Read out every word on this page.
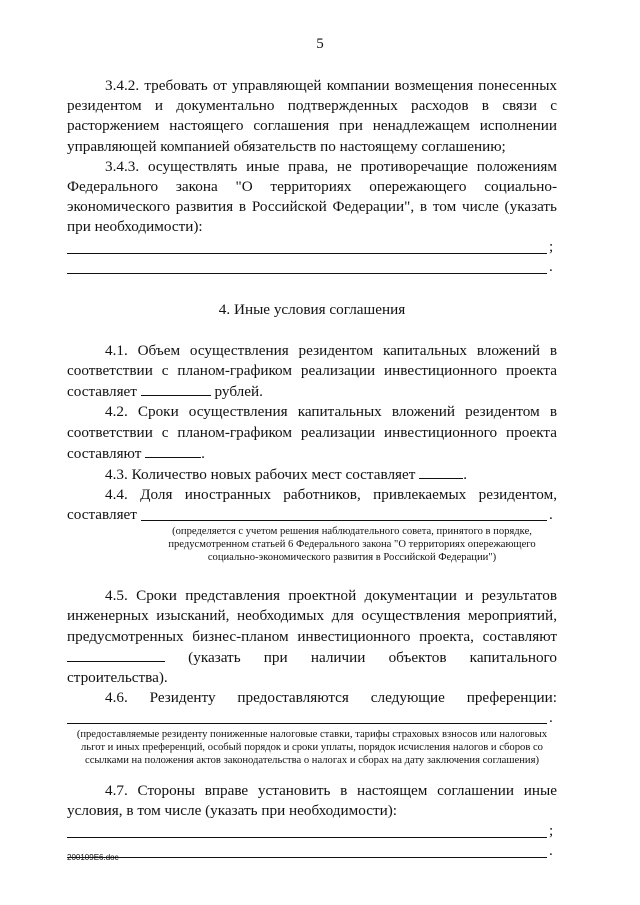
5

3.4.2. требовать от управляющей компании возмещения понесенных резидентом и документально подтвержденных расходов в связи с расторжением настоящего соглашения при ненадлежащем исполнении управляющей компанией обязательств по настоящему соглашению;

3.4.3. осуществлять иные права, не противоречащие положениям Федерального закона "О территориях опережающего социально-экономического развития в Российской Федерации", в том числе (указать при необходимости):

;
.
4. Иные условия соглашения

4.1. Объем осуществления резидентом капитальных вложений в соответствии с планом-графиком реализации инвестиционного проекта составляет	рублей.

4.2. Сроки осуществления капитальных вложений резидентом в соответствии с планом-графиком реализации инвестиционного проекта составляют	.

4.3. Количество новых рабочих мест составляет	.

4.4. Доля иностранных работников, привлекаемых резидентом,

составляет	.

(определяется с учетом решения наблюдательного совета, принятого в порядке, предусмотренном статьей 6 Федерального закона "О территориях опережающего социально-экономического развития в Российской Федерации")

4.5. Сроки представления проектной документации и результатов инженерных изысканий, необходимых для осуществления мероприятий, предусмотренных бизнес-планом инвестиционного проекта, составляют  (указать при наличии объектов капитального строительства).

4.6. Резиденту предоставляются следующие преференции:

.

(предоставляемые резиденту пониженные налоговые ставки, тарифы страховых взносов или налоговых льгот и иных преференций, особый порядок и сроки уплаты, порядок исчисления налогов и сборов со ссылками на положения актов законодательства о налогах и сборах на дату заключения соглашения)

4.7. Стороны вправе установить в настоящем соглашении иные условия, в том числе (указать при необходимости):

;
.
200109E6.doc
